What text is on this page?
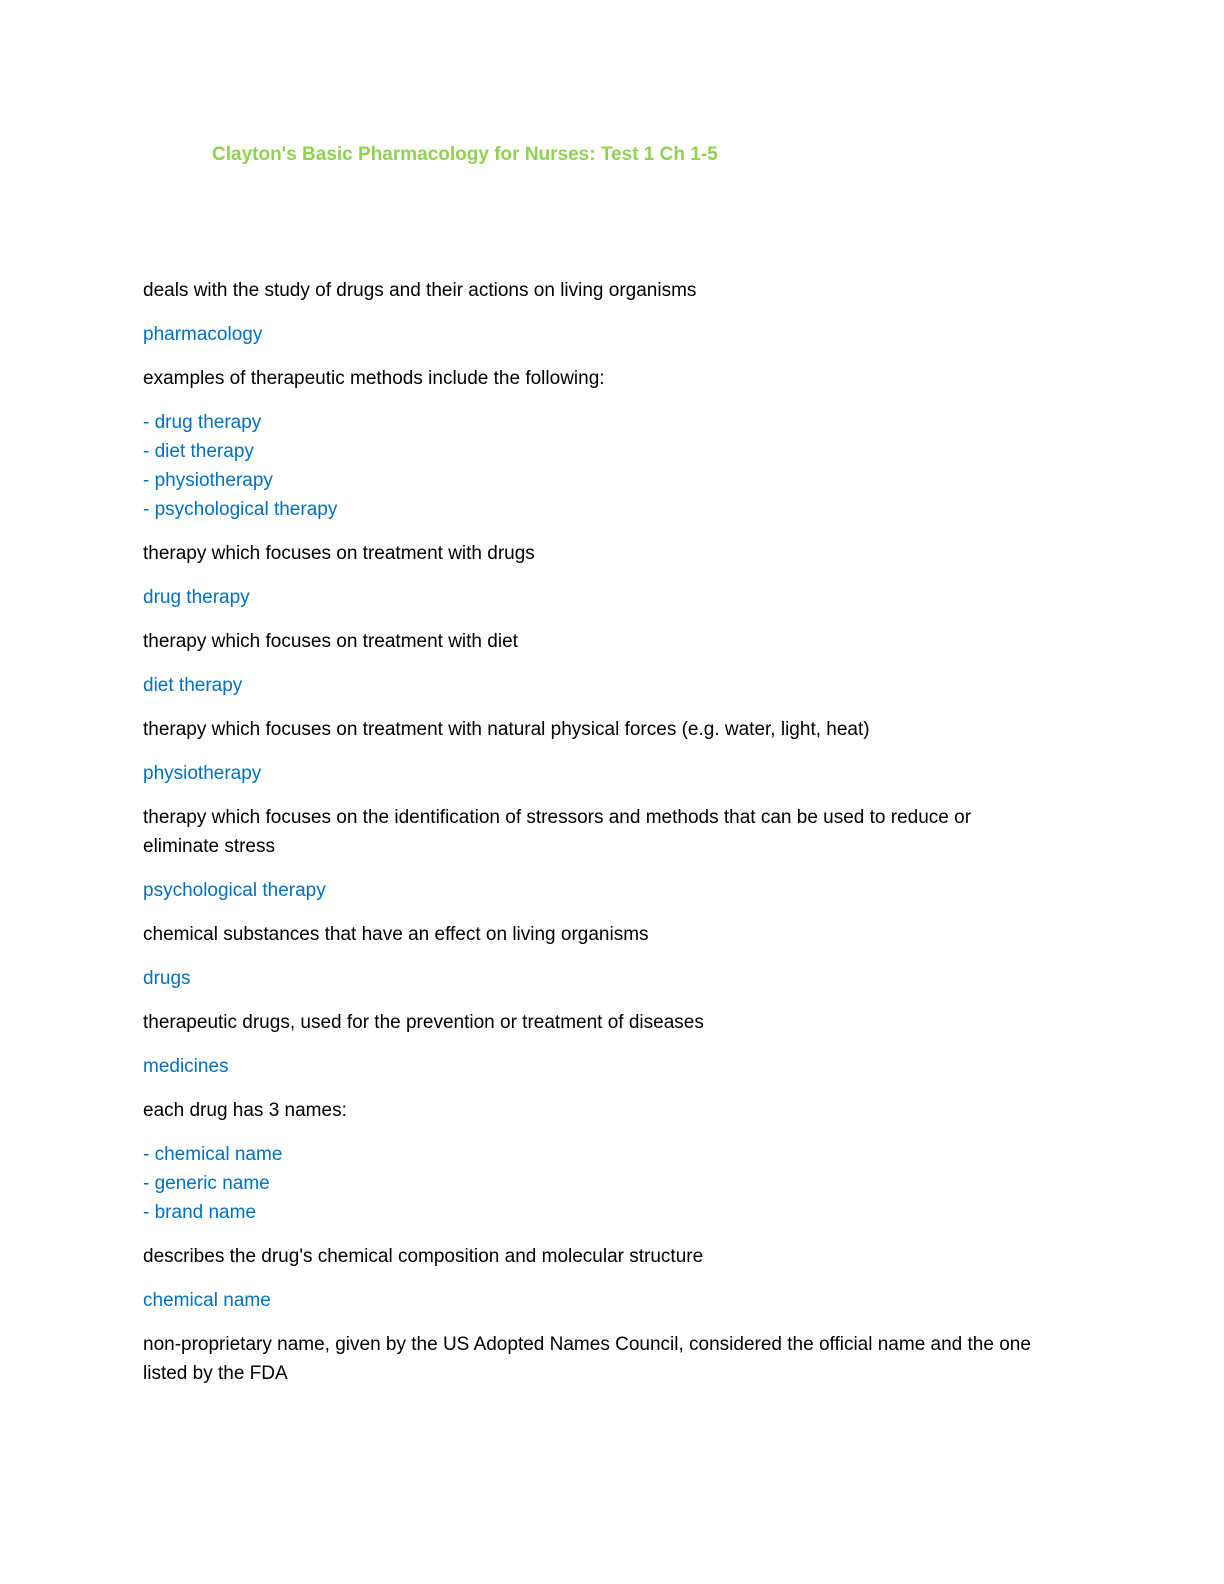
Clayton's Basic Pharmacology for Nurses: Test 1 Ch 1-5

deals with the study of drugs and their actions on living organisms

pharmacology

examples of therapeutic methods include the following:

- drug therapy
- diet therapy
- physiotherapy
- psychological therapy

therapy which focuses on treatment with drugs

drug therapy

therapy which focuses on treatment with diet

diet therapy

therapy which focuses on treatment with natural physical forces (e.g. water, light, heat)

physiotherapy

therapy which focuses on the identification of stressors and methods that can be used to reduce or eliminate stress

psychological therapy

chemical substances that have an effect on living organisms

drugs

therapeutic drugs, used for the prevention or treatment of diseases

medicines

each drug has 3 names:

- chemical name
- generic name
- brand name

describes the drug's chemical composition and molecular structure

chemical name

non-proprietary name, given by the US Adopted Names Council, considered the official name and the one listed by the FDA
